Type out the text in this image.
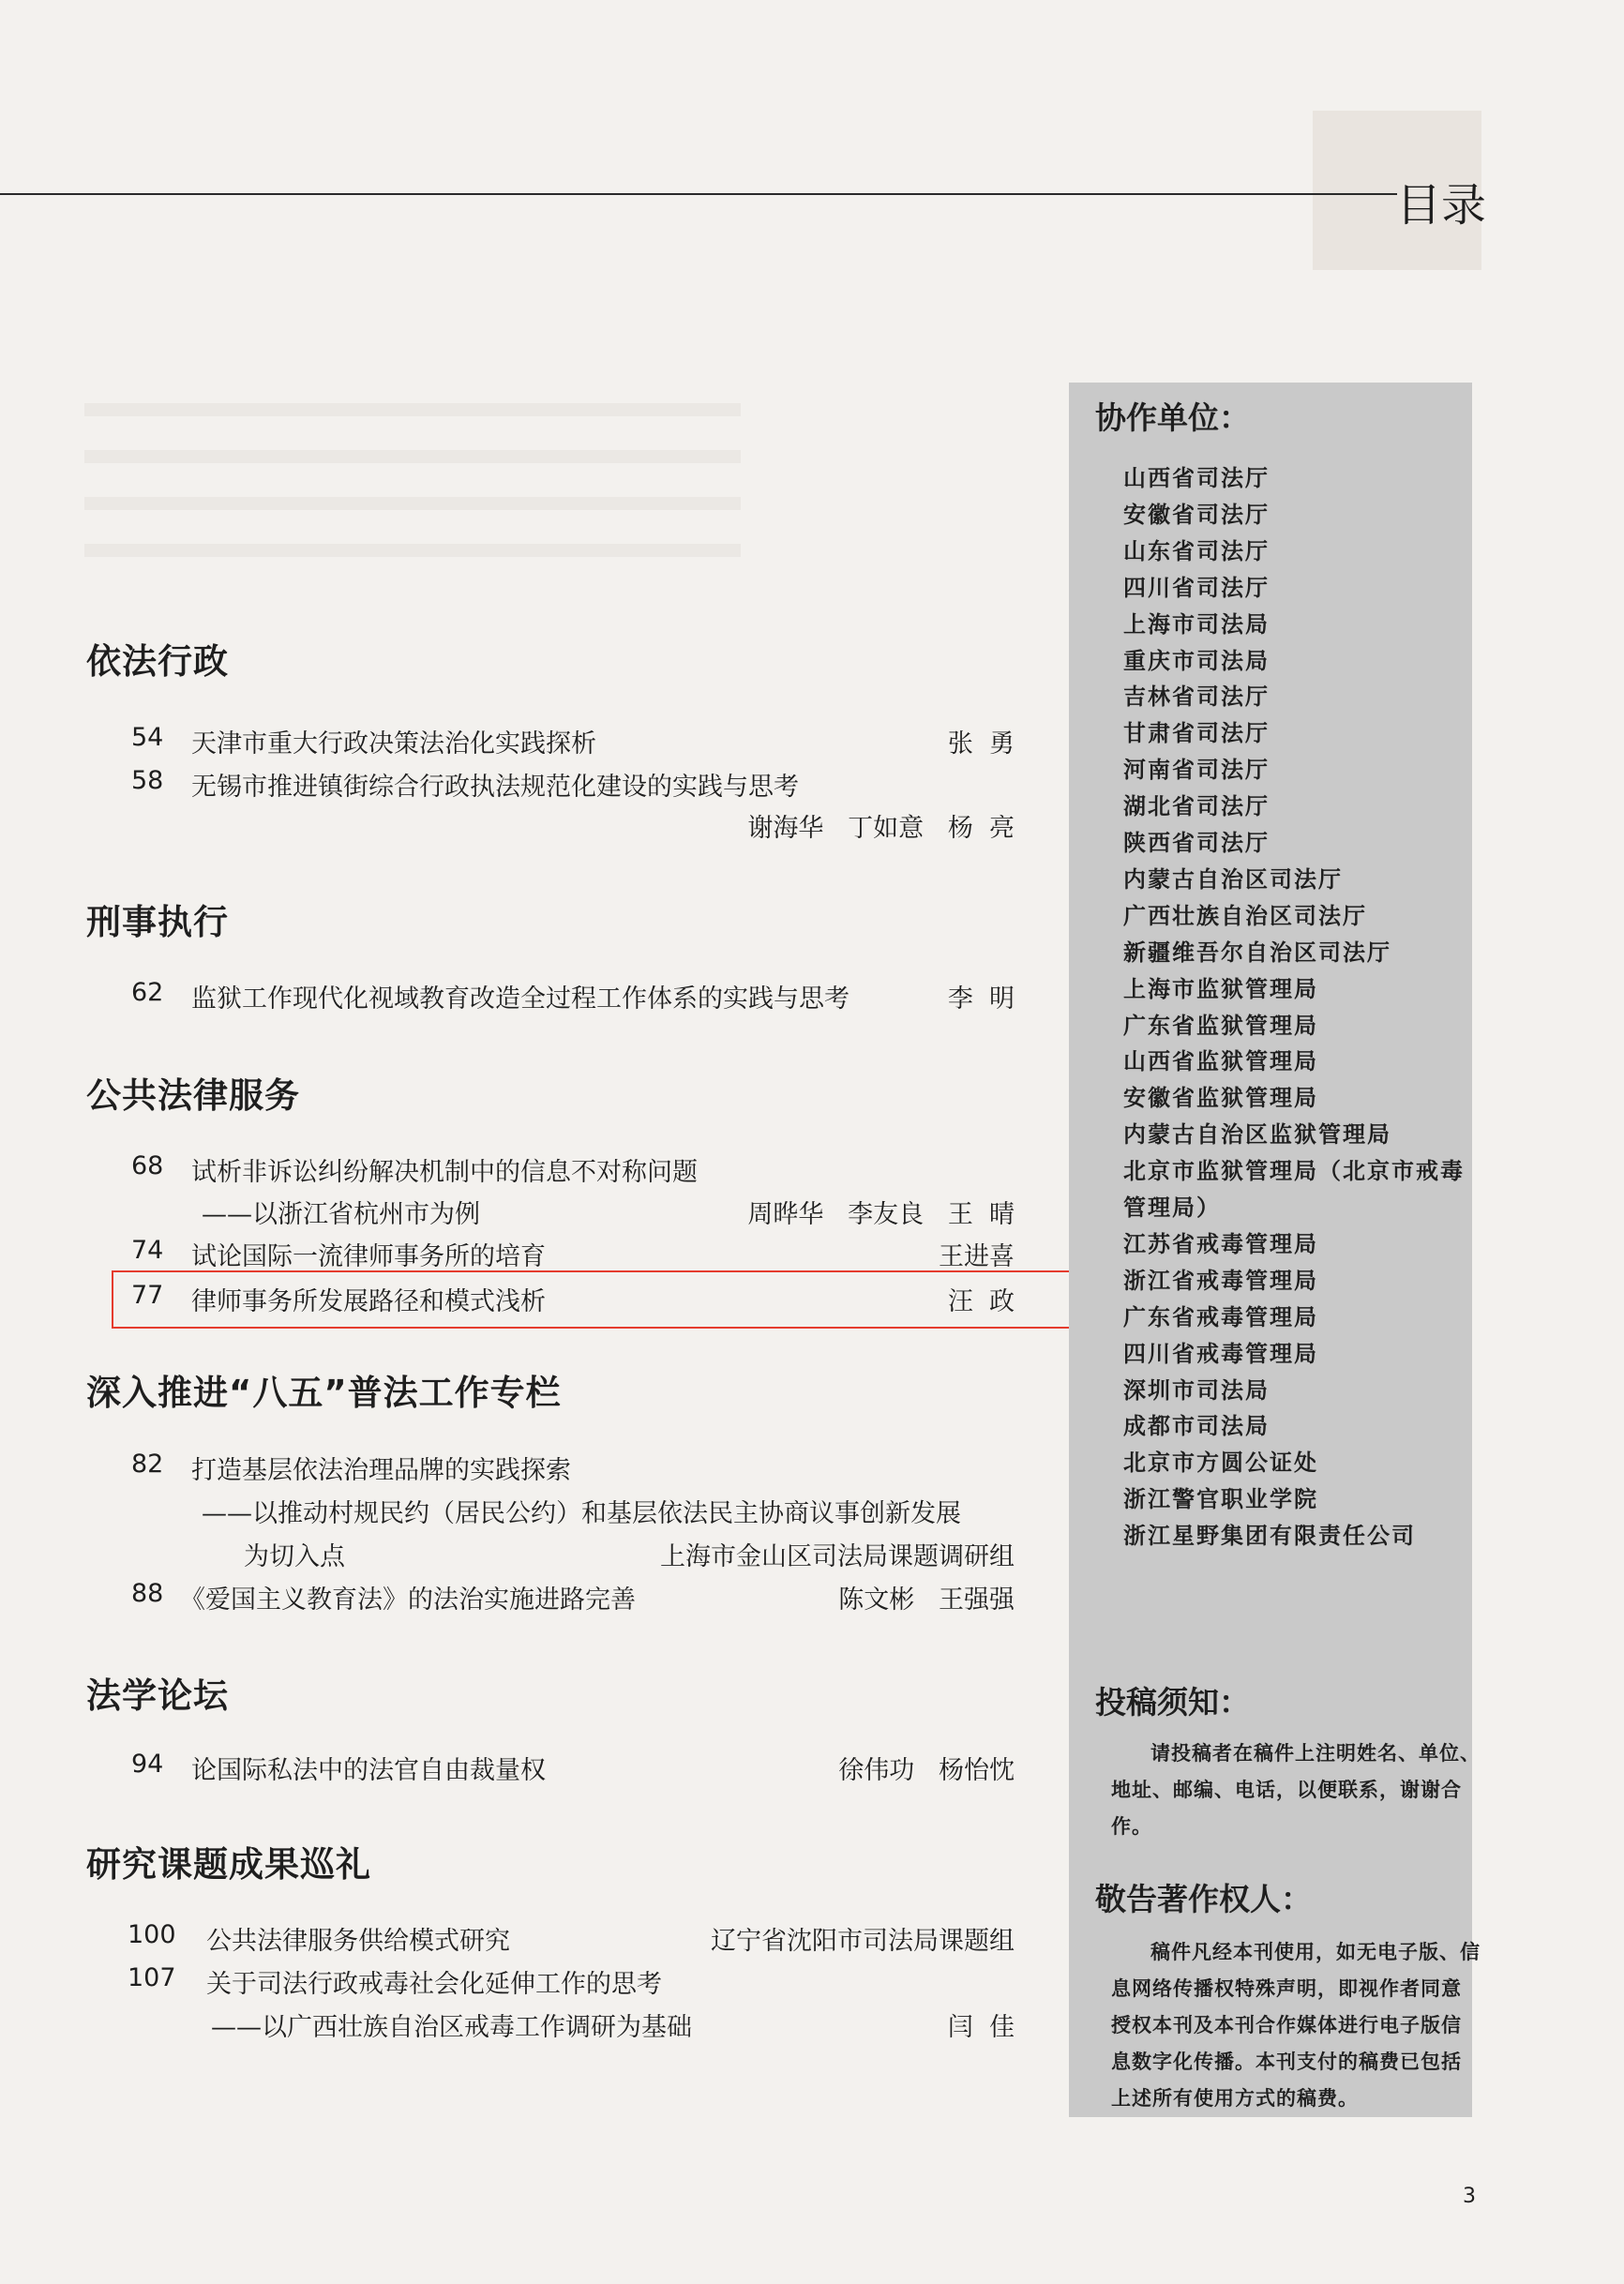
目录
依法行政
54 天津市重大行政决策法治化实践探析	张  勇
58 无锡市推进镇街综合行政执法规范化建设的实践与思考
谢海华   丁如意   杨  亮
刑事执行
62 监狱工作现代化视域教育改造全过程工作体系的实践与思考	李  明
公共法律服务
68 试析非诉讼纠纷解决机制中的信息不对称问题
——以浙江省杭州市为例	周晔华   李友良   王  晴
74 试论国际一流律师事务所的培育	王进喜
77 律师事务所发展路径和模式浅析	汪  政
深入推进“八五”普法工作专栏
82 打造基层依法治理品牌的实践探索
——以推动村规民约（居民公约）和基层依法民主协商议事创新发展
为切入点	上海市金山区司法局课题调研组
88 《爱国主义教育法》的法治实施进路完善	陈文彬   王强强
法学论坛
94 论国际私法中的法官自由裁量权	徐伟功   杨怡忱
研究课题成果巡礼
100 公共法律服务供给模式研究	辽宁省沈阳市司法局课题组
107 关于司法行政戒毒社会化延伸工作的思考
——以广西壮族自治区戒毒工作调研为基础	闫  佳
协作单位：
山西省司法厅
安徽省司法厅
山东省司法厅
四川省司法厅
上海市司法局
重庆市司法局
吉林省司法厅
甘肃省司法厅
河南省司法厅
湖北省司法厅
陕西省司法厅
内蒙古自治区司法厅
广西壮族自治区司法厅
新疆维吾尔自治区司法厅
上海市监狱管理局
广东省监狱管理局
山西省监狱管理局
安徽省监狱管理局
内蒙古自治区监狱管理局
北京市监狱管理局（北京市戒毒
管理局）
江苏省戒毒管理局
浙江省戒毒管理局
广东省戒毒管理局
四川省戒毒管理局
深圳市司法局
成都市司法局
北京市方圆公证处
浙江警官职业学院
浙江星野集团有限责任公司
投稿须知：
请投稿者在稿件上注明姓名、单位、地址、邮编、电话，以便联系，谢谢合作。
敬告著作权人：
稿件凡经本刊使用，如无电子版、信息网络传播权特殊声明，即视作者同意授权本刊及本刊合作媒体进行电子版信息数字化传播。本刊支付的稿费已包括上述所有使用方式的稿费。
3
